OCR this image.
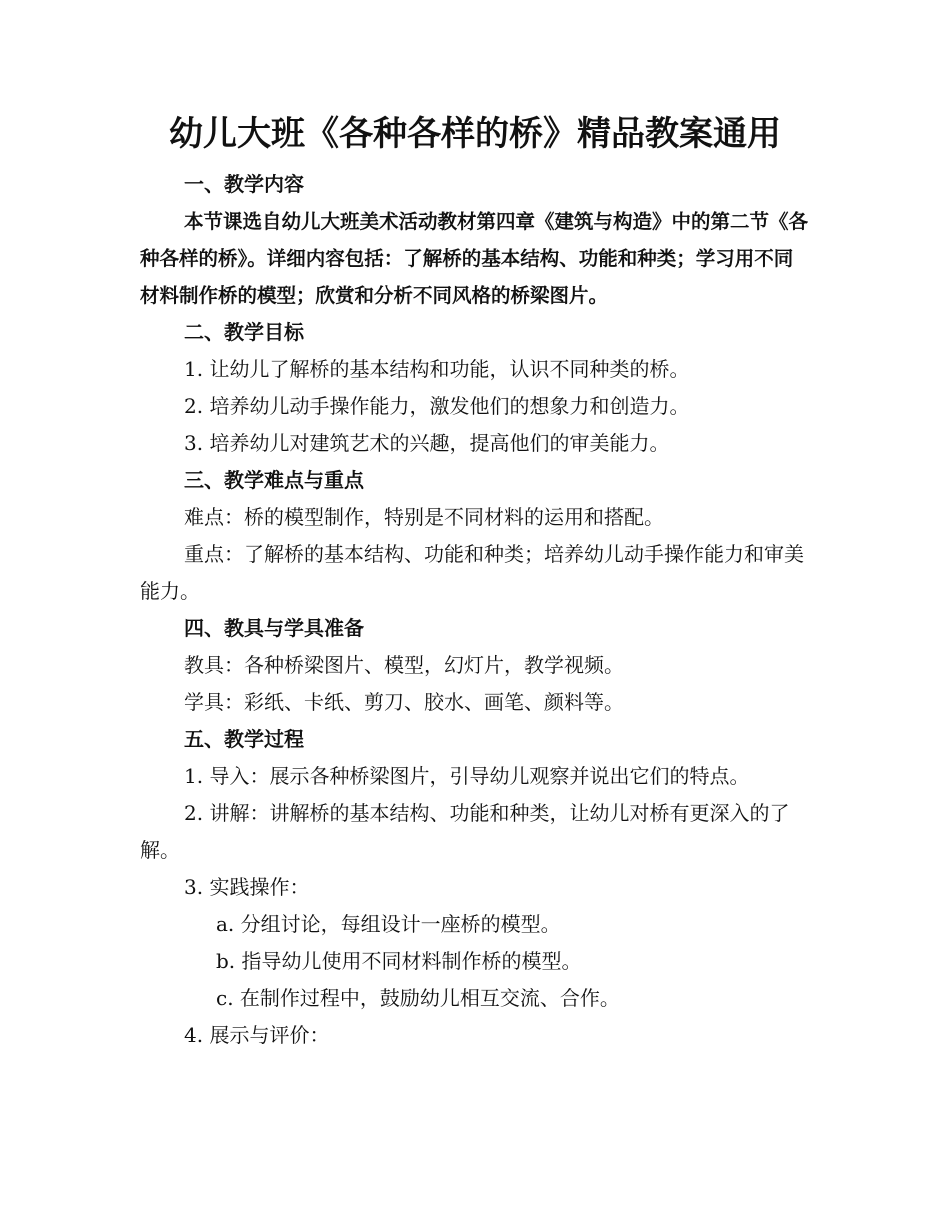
幼儿大班《各种各样的桥》精品教案通用

一、教学内容

本节课选自幼儿大班美术活动教材第四章《建筑与构造》中的第二节《各种各样的桥》。详细内容包括：了解桥的基本结构、功能和种类；学习用不同材料制作桥的模型；欣赏和分析不同风格的桥梁图片。

二、教学目标

1. 让幼儿了解桥的基本结构和功能，认识不同种类的桥。

2. 培养幼儿动手操作能力，激发他们的想象力和创造力。

3. 培养幼儿对建筑艺术的兴趣，提高他们的审美能力。

三、教学难点与重点

难点：桥的模型制作，特别是不同材料的运用和搭配。

重点：了解桥的基本结构、功能和种类；培养幼儿动手操作能力和审美能力。

四、教具与学具准备

教具：各种桥梁图片、模型，幻灯片，教学视频。

学具：彩纸、卡纸、剪刀、胶水、画笔、颜料等。

五、教学过程

1. 导入：展示各种桥梁图片，引导幼儿观察并说出它们的特点。

2. 讲解：讲解桥的基本结构、功能和种类，让幼儿对桥有更深入的了解。

3. 实践操作：

a. 分组讨论，每组设计一座桥的模型。

b. 指导幼儿使用不同材料制作桥的模型。

c. 在制作过程中，鼓励幼儿相互交流、合作。

4. 展示与评价：
